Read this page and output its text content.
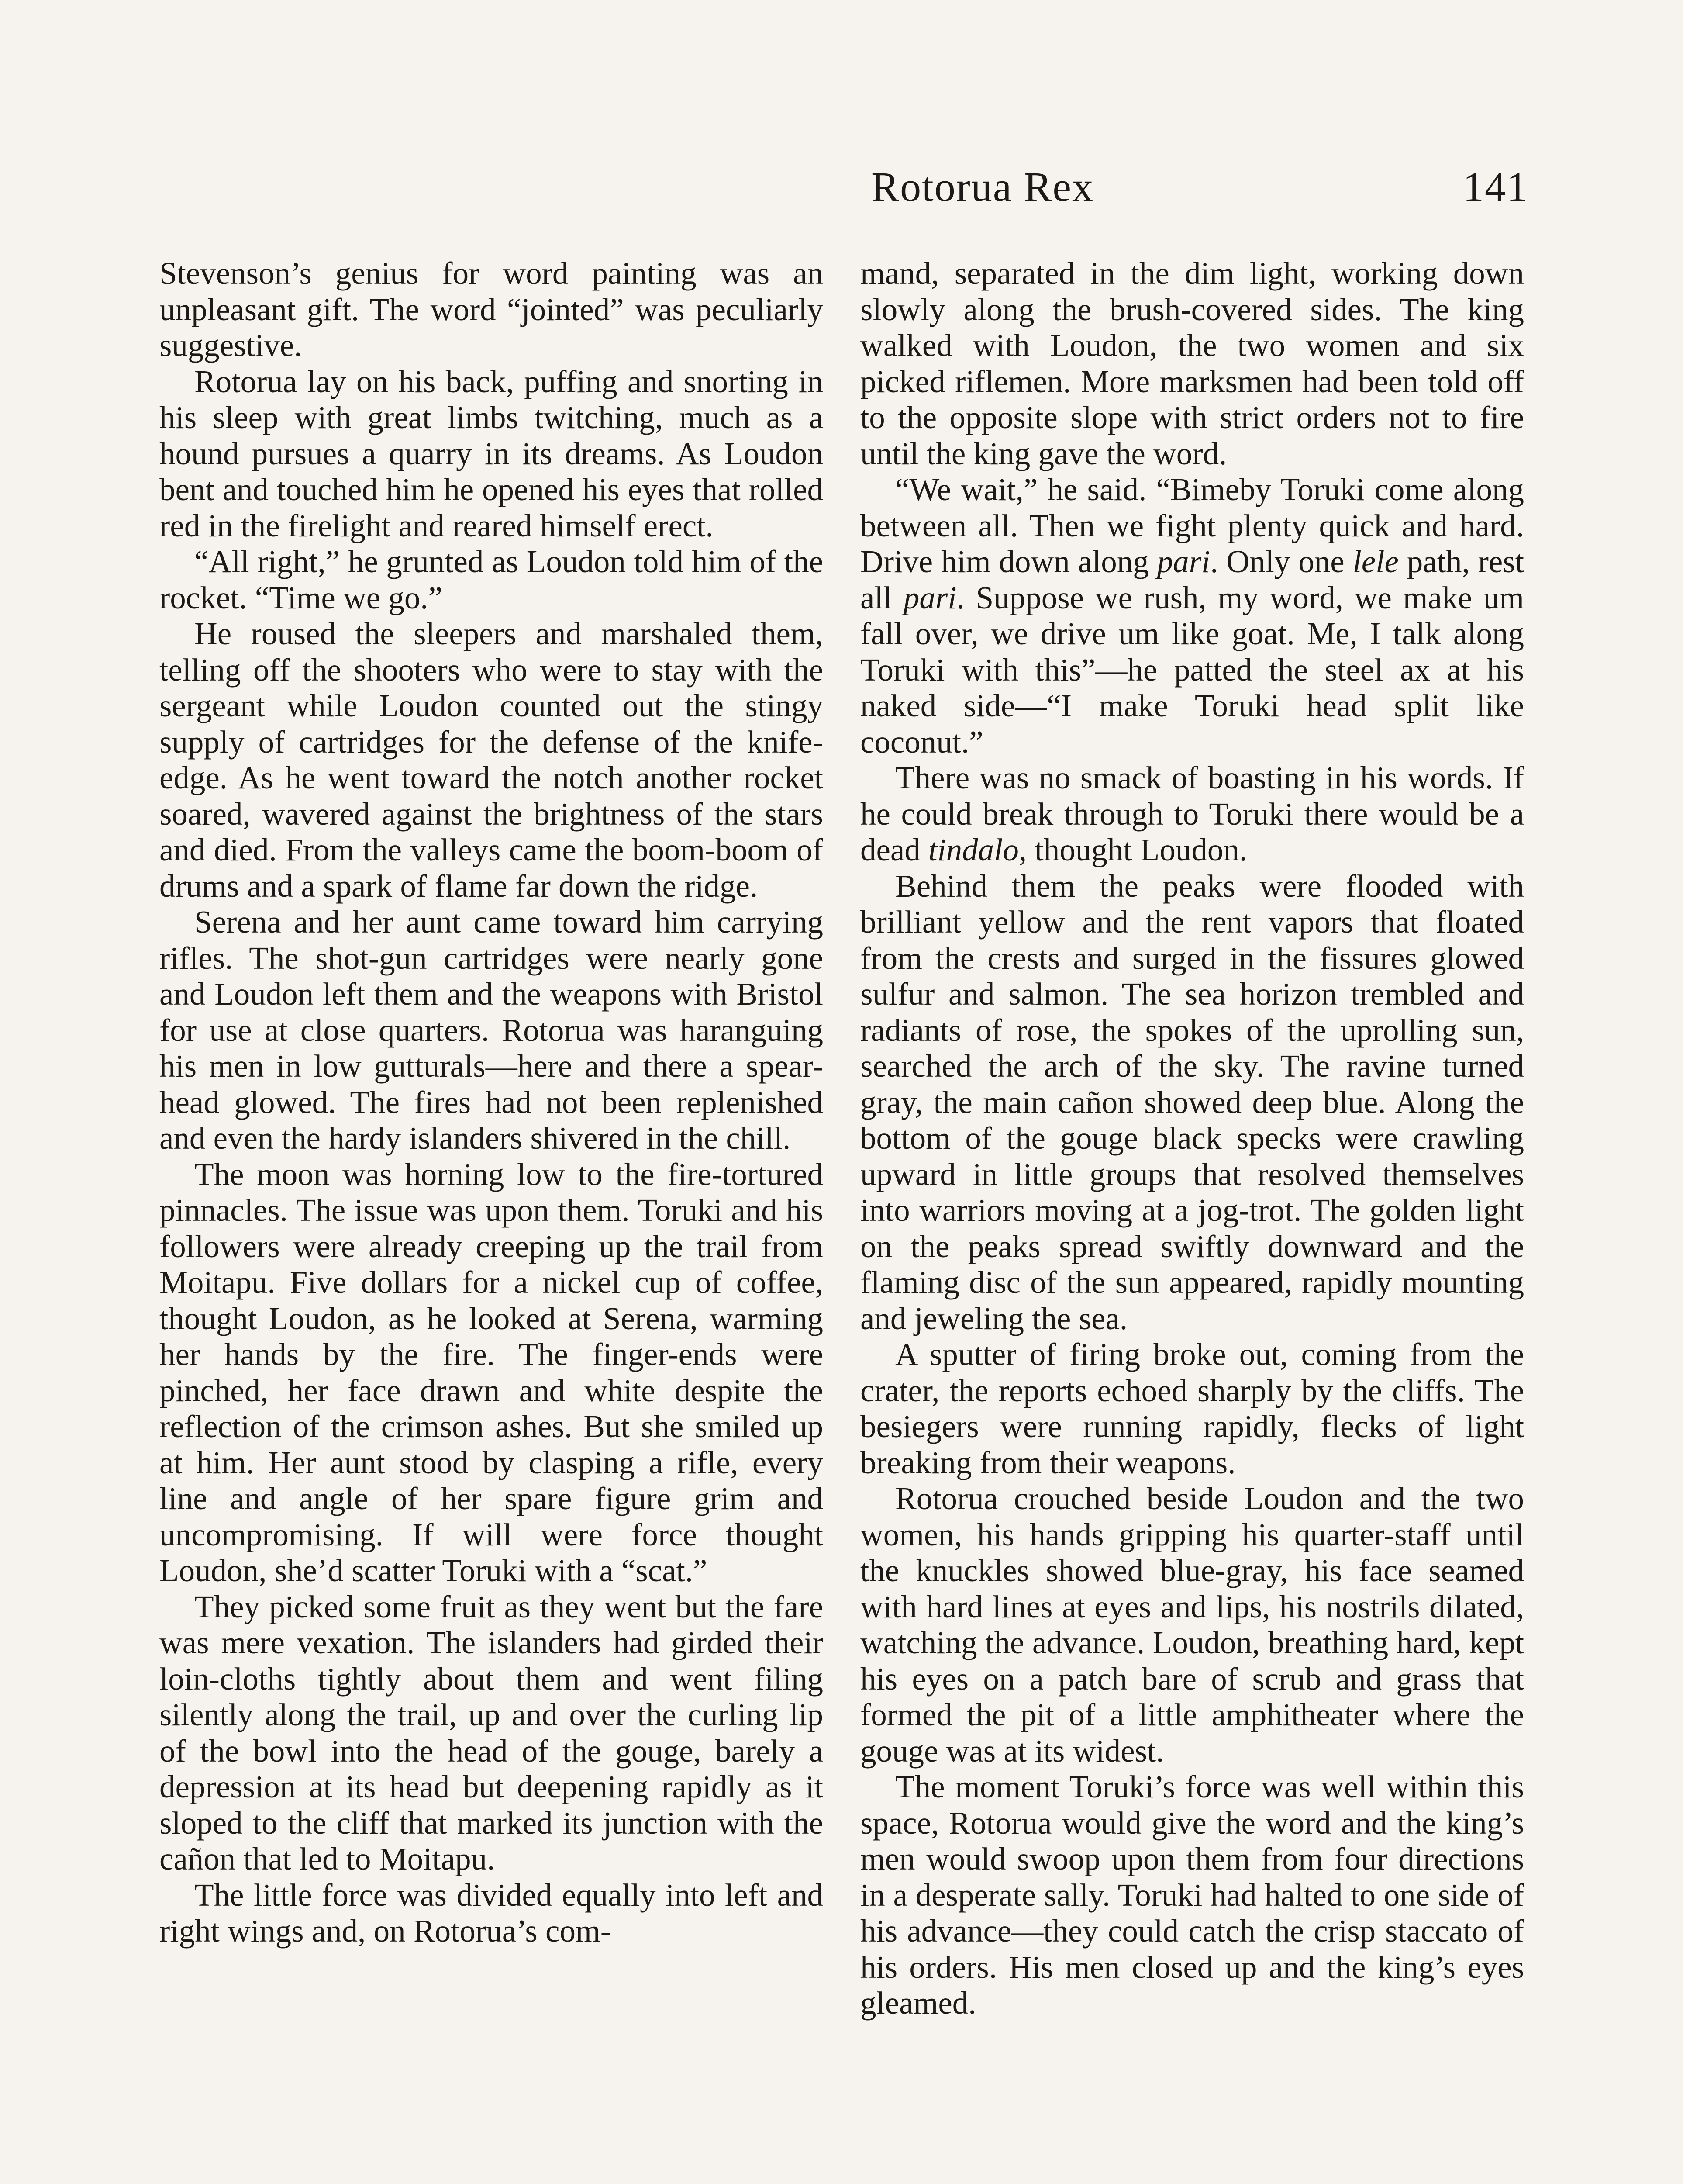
Rotorua Rex	141

Stevenson’s genius for word painting was an unpleasant gift. The word “jointed” was peculiarly suggestive.

Rotorua lay on his back, puffing and snorting in his sleep with great limbs twitching, much as a hound pursues a quarry in its dreams. As Loudon bent and touched him he opened his eyes that rolled red in the firelight and reared himself erect.

“All right,” he grunted as Loudon told him of the rocket. “Time we go.”

He roused the sleepers and marshaled them, telling off the shooters who were to stay with the sergeant while Loudon counted out the stingy supply of cartridges for the defense of the knife-edge. As he went toward the notch another rocket soared, wavered against the brightness of the stars and died. From the valleys came the boom-boom of drums and a spark of flame far down the ridge.

Serena and her aunt came toward him carrying rifles. The shot-gun cartridges were nearly gone and Loudon left them and the weapons with Bristol for use at close quarters. Rotorua was haranguing his men in low gutturals—here and there a spear-head glowed. The fires had not been replenished and even the hardy islanders shivered in the chill.

The moon was horning low to the fire-tortured pinnacles. The issue was upon them. Toruki and his followers were already creeping up the trail from Moitapu. Five dollars for a nickel cup of coffee, thought Loudon, as he looked at Serena, warming her hands by the fire. The finger-ends were pinched, her face drawn and white despite the reflection of the crimson ashes. But she smiled up at him. Her aunt stood by clasping a rifle, every line and angle of her spare figure grim and uncompromising. If will were force thought Loudon, she’d scatter Toruki with a “scat.”

They picked some fruit as they went but the fare was mere vexation. The islanders had girded their loin-cloths tightly about them and went filing silently along the trail, up and over the curling lip of the bowl into the head of the gouge, barely a depression at its head but deepening rapidly as it sloped to the cliff that marked its junction with the cañon that led to Moitapu.

The little force was divided equally into left and right wings and, on Rotorua’s com-

mand, separated in the dim light, working down slowly along the brush-covered sides. The king walked with Loudon, the two women and six picked riflemen. More marksmen had been told off to the opposite slope with strict orders not to fire until the king gave the word.

“We wait,” he said. “Bimeby Toruki come along between all. Then we fight plenty quick and hard. Drive him down along pari. Only one lele path, rest all pari. Suppose we rush, my word, we make um fall over, we drive um like goat. Me, I talk along Toruki with this”—he patted the steel ax at his naked side—“I make Toruki head split like coconut.”

There was no smack of boasting in his words. If he could break through to Toruki there would be a dead tindalo, thought Loudon.

Behind them the peaks were flooded with brilliant yellow and the rent vapors that floated from the crests and surged in the fissures glowed sulfur and salmon. The sea horizon trembled and radiants of rose, the spokes of the uprolling sun, searched the arch of the sky. The ravine turned gray, the main cañon showed deep blue. Along the bottom of the gouge black specks were crawling upward in little groups that resolved themselves into warriors moving at a jog-trot. The golden light on the peaks spread swiftly downward and the flaming disc of the sun appeared, rapidly mounting and jeweling the sea.

A sputter of firing broke out, coming from the crater, the reports echoed sharply by the cliffs. The besiegers were running rapidly, flecks of light breaking from their weapons.

Rotorua crouched beside Loudon and the two women, his hands gripping his quarter-staff until the knuckles showed blue-gray, his face seamed with hard lines at eyes and lips, his nostrils dilated, watching the advance. Loudon, breathing hard, kept his eyes on a patch bare of scrub and grass that formed the pit of a little amphitheater where the gouge was at its widest.

The moment Toruki’s force was well within this space, Rotorua would give the word and the king’s men would swoop upon them from four directions in a desperate sally. Toruki had halted to one side of his advance—they could catch the crisp staccato of his orders. His men closed up and the king’s eyes gleamed.
